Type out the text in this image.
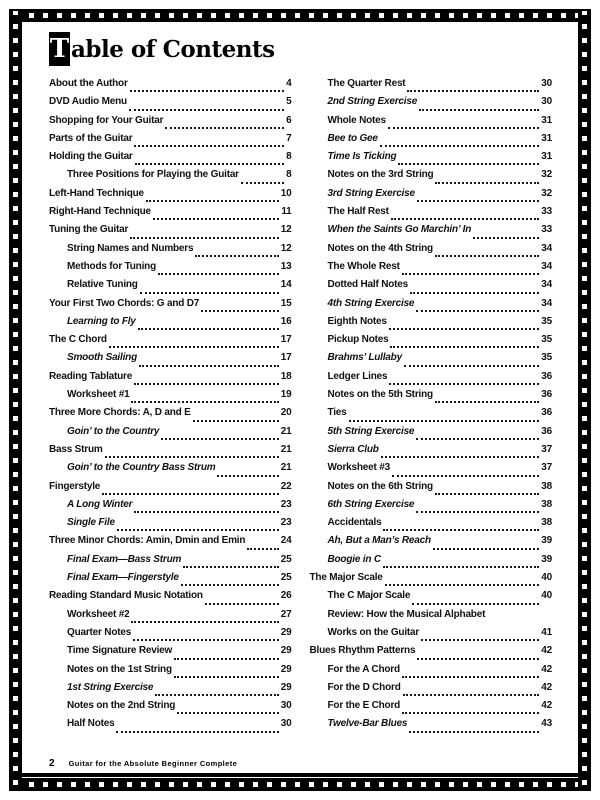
T able of Contents
About the Author	4
DVD Audio Menu	5
Shopping for Your Guitar	6
Parts of the Guitar	7
Holding the Guitar	8
Three Positions for Playing the Guitar	8
Left-Hand Technique	10
Right-Hand Technique	11
Tuning the Guitar	12
String Names and Numbers	12
Methods for Tuning	13
Relative Tuning	14
Your First Two Chords: G and D7	15
Learning to Fly	16
The C Chord	17
Smooth Sailing	17
Reading Tablature	18
Worksheet #1	19
Three More Chords: A, D and E	20
Goin’ to the Country	21
Bass Strum	21
Goin’ to the Country Bass Strum	21
Fingerstyle	22
A Long Winter	23
Single File	23
Three Minor Chords: Amin, Dmin and Emin	24
Final Exam—Bass Strum	25
Final Exam—Fingerstyle	25
Reading Standard Music Notation	26
Worksheet #2	27
Quarter Notes	29
Time Signature Review	29
Notes on the 1st String	29
1st String Exercise	29
Notes on the 2nd String	30
Half Notes	30
The Quarter Rest	30
2nd String Exercise	30
Whole Notes	31
Bee to Gee	31
Time Is Ticking	31
Notes on the 3rd String	32
3rd String Exercise	32
The Half Rest	33
When the Saints Go Marchin’ In	33
Notes on the 4th String	34
The Whole Rest	34
Dotted Half Notes	34
4th String Exercise	34
Eighth Notes	35
Pickup Notes	35
Brahms’ Lullaby	35
Ledger Lines	36
Notes on the 5th String	36
Ties	36
5th String Exercise	36
Sierra Club	37
Worksheet #3	37
Notes on the 6th String	38
6th String Exercise	38
Accidentals	38
Ah, But a Man’s Reach	39
Boogie in C	39
The Major Scale	40
The C Major Scale	40
Review: How the Musical Alphabet
Works on the Guitar	41
Blues Rhythm Patterns	42
For the A Chord	42
For the D Chord	42
For the E Chord	42
Twelve-Bar Blues	43
2 Guitar for the Absolute Beginner Complete
